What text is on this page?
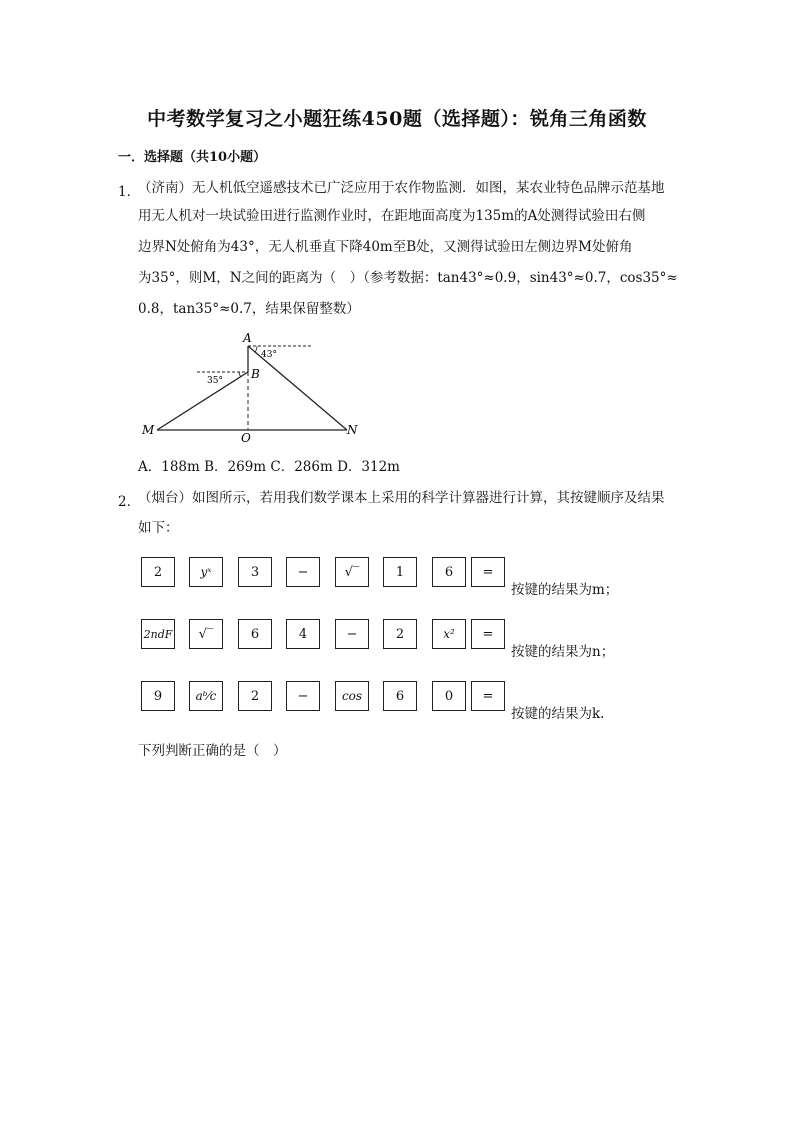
中考数学复习之小题狂练450题（选择题）：锐角三角函数
一．选择题（共10小题）
1．
（济南）无人机低空遥感技术已广泛应用于农作物监测．如图，某农业特色品牌示范基地
用无人机对一块试验田进行监测作业时，在距地面高度为135m的A处测得试验田右侧
边界N处俯角为43°，无人机垂直下降40m至B处，又测得试验田左侧边界M处俯角
为35°，则M，N之间的距离为（　）（参考数据：tan43°≈0.9，sin43°≈0.7，cos35°≈
0.8，tan35°≈0.7，结果保留整数）
A
B
M
O
N
43°
35°
A．188m B．269m C．286m D．312m
2．
（烟台）如图所示，若用我们数学课本上采用的科学计算器进行计算，其按键顺序及结果
如下：
2	yˣ	3	−	√‾	1	6	=
按键的结果为m；
2ndF	√‾	6	4	−	2	x²	=
按键的结果为n；
9	aᵇ⁄c	2	−	cos	6	0	=
按键的结果为k.
下列判断正确的是（　）
